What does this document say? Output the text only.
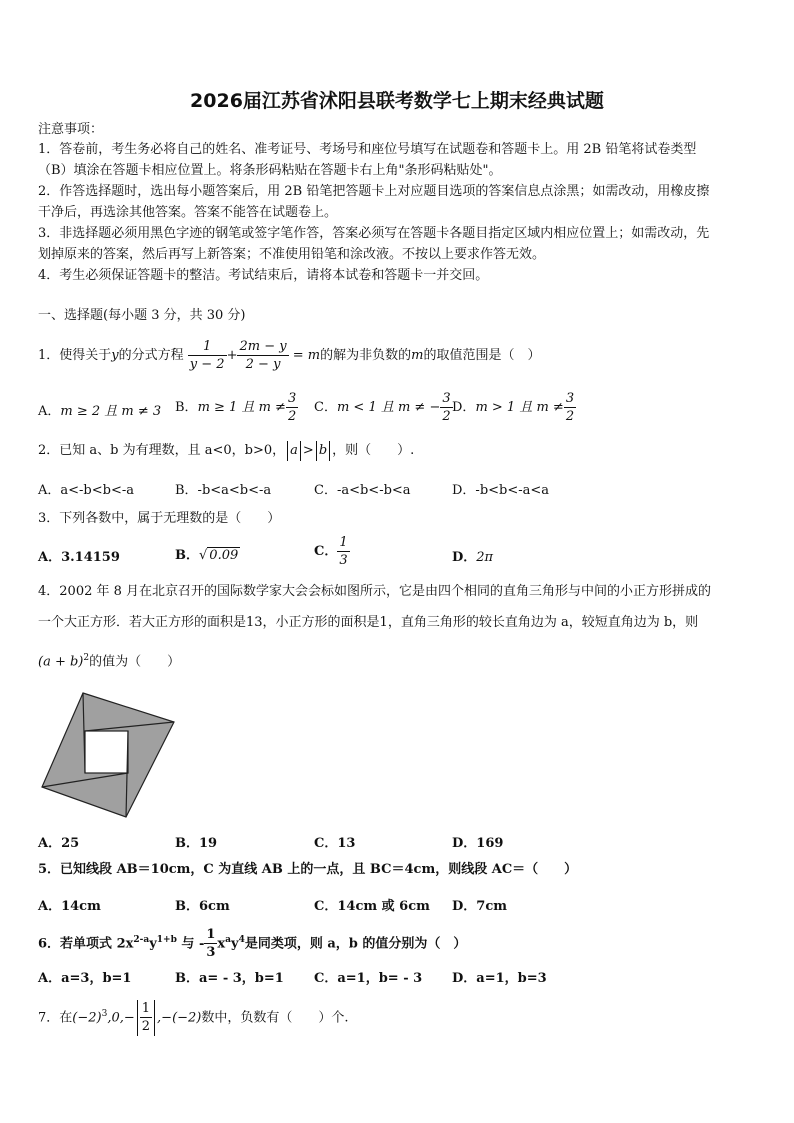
2026届江苏省沭阳县联考数学七上期末经典试题
注意事项：
1．答卷前，考生务必将自己的姓名、准考证号、考场号和座位号填写在试题卷和答题卡上。用 2B 铅笔将试卷类型
（B）填涂在答题卡相应位置上。将条形码粘贴在答题卡右上角"条形码粘贴处"。
2．作答选择题时，选出每小题答案后，用 2B 铅笔把答题卡上对应题目选项的答案信息点涂黑；如需改动，用橡皮擦
干净后，再选涂其他答案。答案不能答在试题卷上。
3．非选择题必须用黑色字迹的钢笔或签字笔作答，答案必须写在答题卡各题目指定区域内相应位置上；如需改动，先
划掉原来的答案，然后再写上新答案；不准使用铅笔和涂改液。不按以上要求作答无效。
4．考生必须保证答题卡的整洁。考试结束后，请将本试卷和答题卡一并交回。
一、选择题(每小题 3 分，共 30 分)
1．使得关于y的分式方程 $\frac{1}{y - 2} + \frac{2m - y}{2 - y} = m$的解为非负数的m的取值范围是（　）
A．m ≥ 2 且 m ≠ 3 B．m ≥ 1 且 $m \ne \frac{3}{2}$ C．m < 1 且 m ≠ − $\frac{3}{2}$ D．m > 1 且 $m \ne \frac{3}{2}$
2．已知 a、b 为有理数，且 a<0，b>0， a > b ，则（　　）.
A．a<-b<b<-a	B．-b<a<b<-a	C．-a<b<-b<a	D．-b<b<-a<a
3．下列各数中，属于无理数的是（　　）
A．3.14159	B．√ 0.09	C． $\frac{1}{3}$	D．2π
4．2002 年 8 月在北京召开的国际数学家大会会标如图所示，它是由四个相同的直角三角形与中间的小正方形拼成的
一个大正方形．若大正方形的面积是13，小正方形的面积是1，直角三角形的较长直角边为 a，较短直角边为 b，则
$(a + b)^2$的值为（　　）
A．25	B．19	C．13	D．169
5．已知线段 AB＝10cm，C 为直线 AB 上的一点，且 BC＝4cm，则线段 AC＝（　　）
A．14cm	B．6cm	C．14cm 或 6cm D．7cm
6．若单项式 $2x^{2-a}y^{1+b}$ 与 - $\frac{1}{3} x^ay^4$是同类项，则 a，b 的值分别为（　）
A．a=3，b=1	B．a= - 3，b=1 C．a=1，b= - 3 D．a=1，b=3
7．在$(-2)^3,0,- \frac{1}{2} ,-(-2)$数中，负数有（　　）个.
